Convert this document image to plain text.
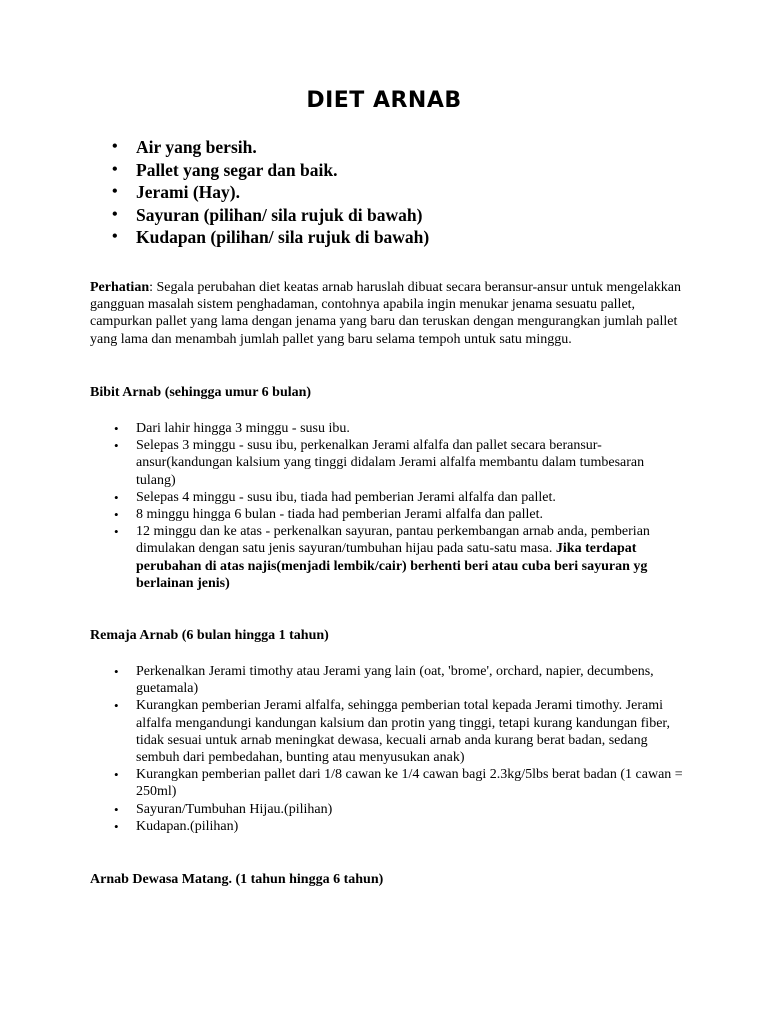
DIET ARNAB
• Air yang bersih.
• Pallet yang segar dan baik.
• Jerami (Hay).
• Sayuran (pilihan/ sila rujuk di bawah)
• Kudapan (pilihan/ sila rujuk di bawah)

Perhatian: Segala perubahan diet keatas arnab haruslah dibuat secara beransur-ansur untuk mengelakkan gangguan masalah sistem penghadaman, contohnya apabila ingin menukar jenama sesuatu pallet, campurkan pallet yang lama dengan jenama yang baru dan teruskan dengan mengurangkan jumlah pallet yang lama dan menambah jumlah pallet yang baru selama tempoh untuk satu minggu.

Bibit Arnab (sehingga umur 6 bulan)

• Dari lahir hingga 3 minggu - susu ibu.
• Selepas 3 minggu - susu ibu, perkenalkan Jerami alfalfa dan pallet secara beransur-ansur(kandungan kalsium yang tinggi didalam Jerami alfalfa membantu dalam tumbesaran tulang)
• Selepas 4 minggu - susu ibu, tiada had pemberian Jerami alfalfa dan pallet.
• 8 minggu hingga 6 bulan - tiada had pemberian Jerami alfalfa dan pallet.
• 12 minggu dan ke atas - perkenalkan sayuran, pantau perkembangan arnab anda, pemberian dimulakan dengan satu jenis sayuran/tumbuhan hijau pada satu-satu masa. Jika terdapat perubahan di atas najis(menjadi lembik/cair) berhenti beri atau cuba beri sayuran yg berlainan jenis)

Remaja Arnab (6 bulan hingga 1 tahun)

• Perkenalkan Jerami timothy atau Jerami yang lain (oat, 'brome', orchard, napier, decumbens, guetamala)
• Kurangkan pemberian Jerami alfalfa, sehingga pemberian total kepada Jerami timothy. Jerami alfalfa mengandungi kandungan kalsium dan protin yang tinggi, tetapi kurang kandungan fiber, tidak sesuai untuk arnab meningkat dewasa, kecuali arnab anda kurang berat badan, sedang sembuh dari pembedahan, bunting atau menyusukan anak)
• Kurangkan pemberian pallet dari 1/8 cawan ke 1/4 cawan bagi 2.3kg/5lbs berat badan (1 cawan = 250ml)
• Sayuran/Tumbuhan Hijau.(pilihan)
• Kudapan.(pilihan)

Arnab Dewasa Matang. (1 tahun hingga 6 tahun)
